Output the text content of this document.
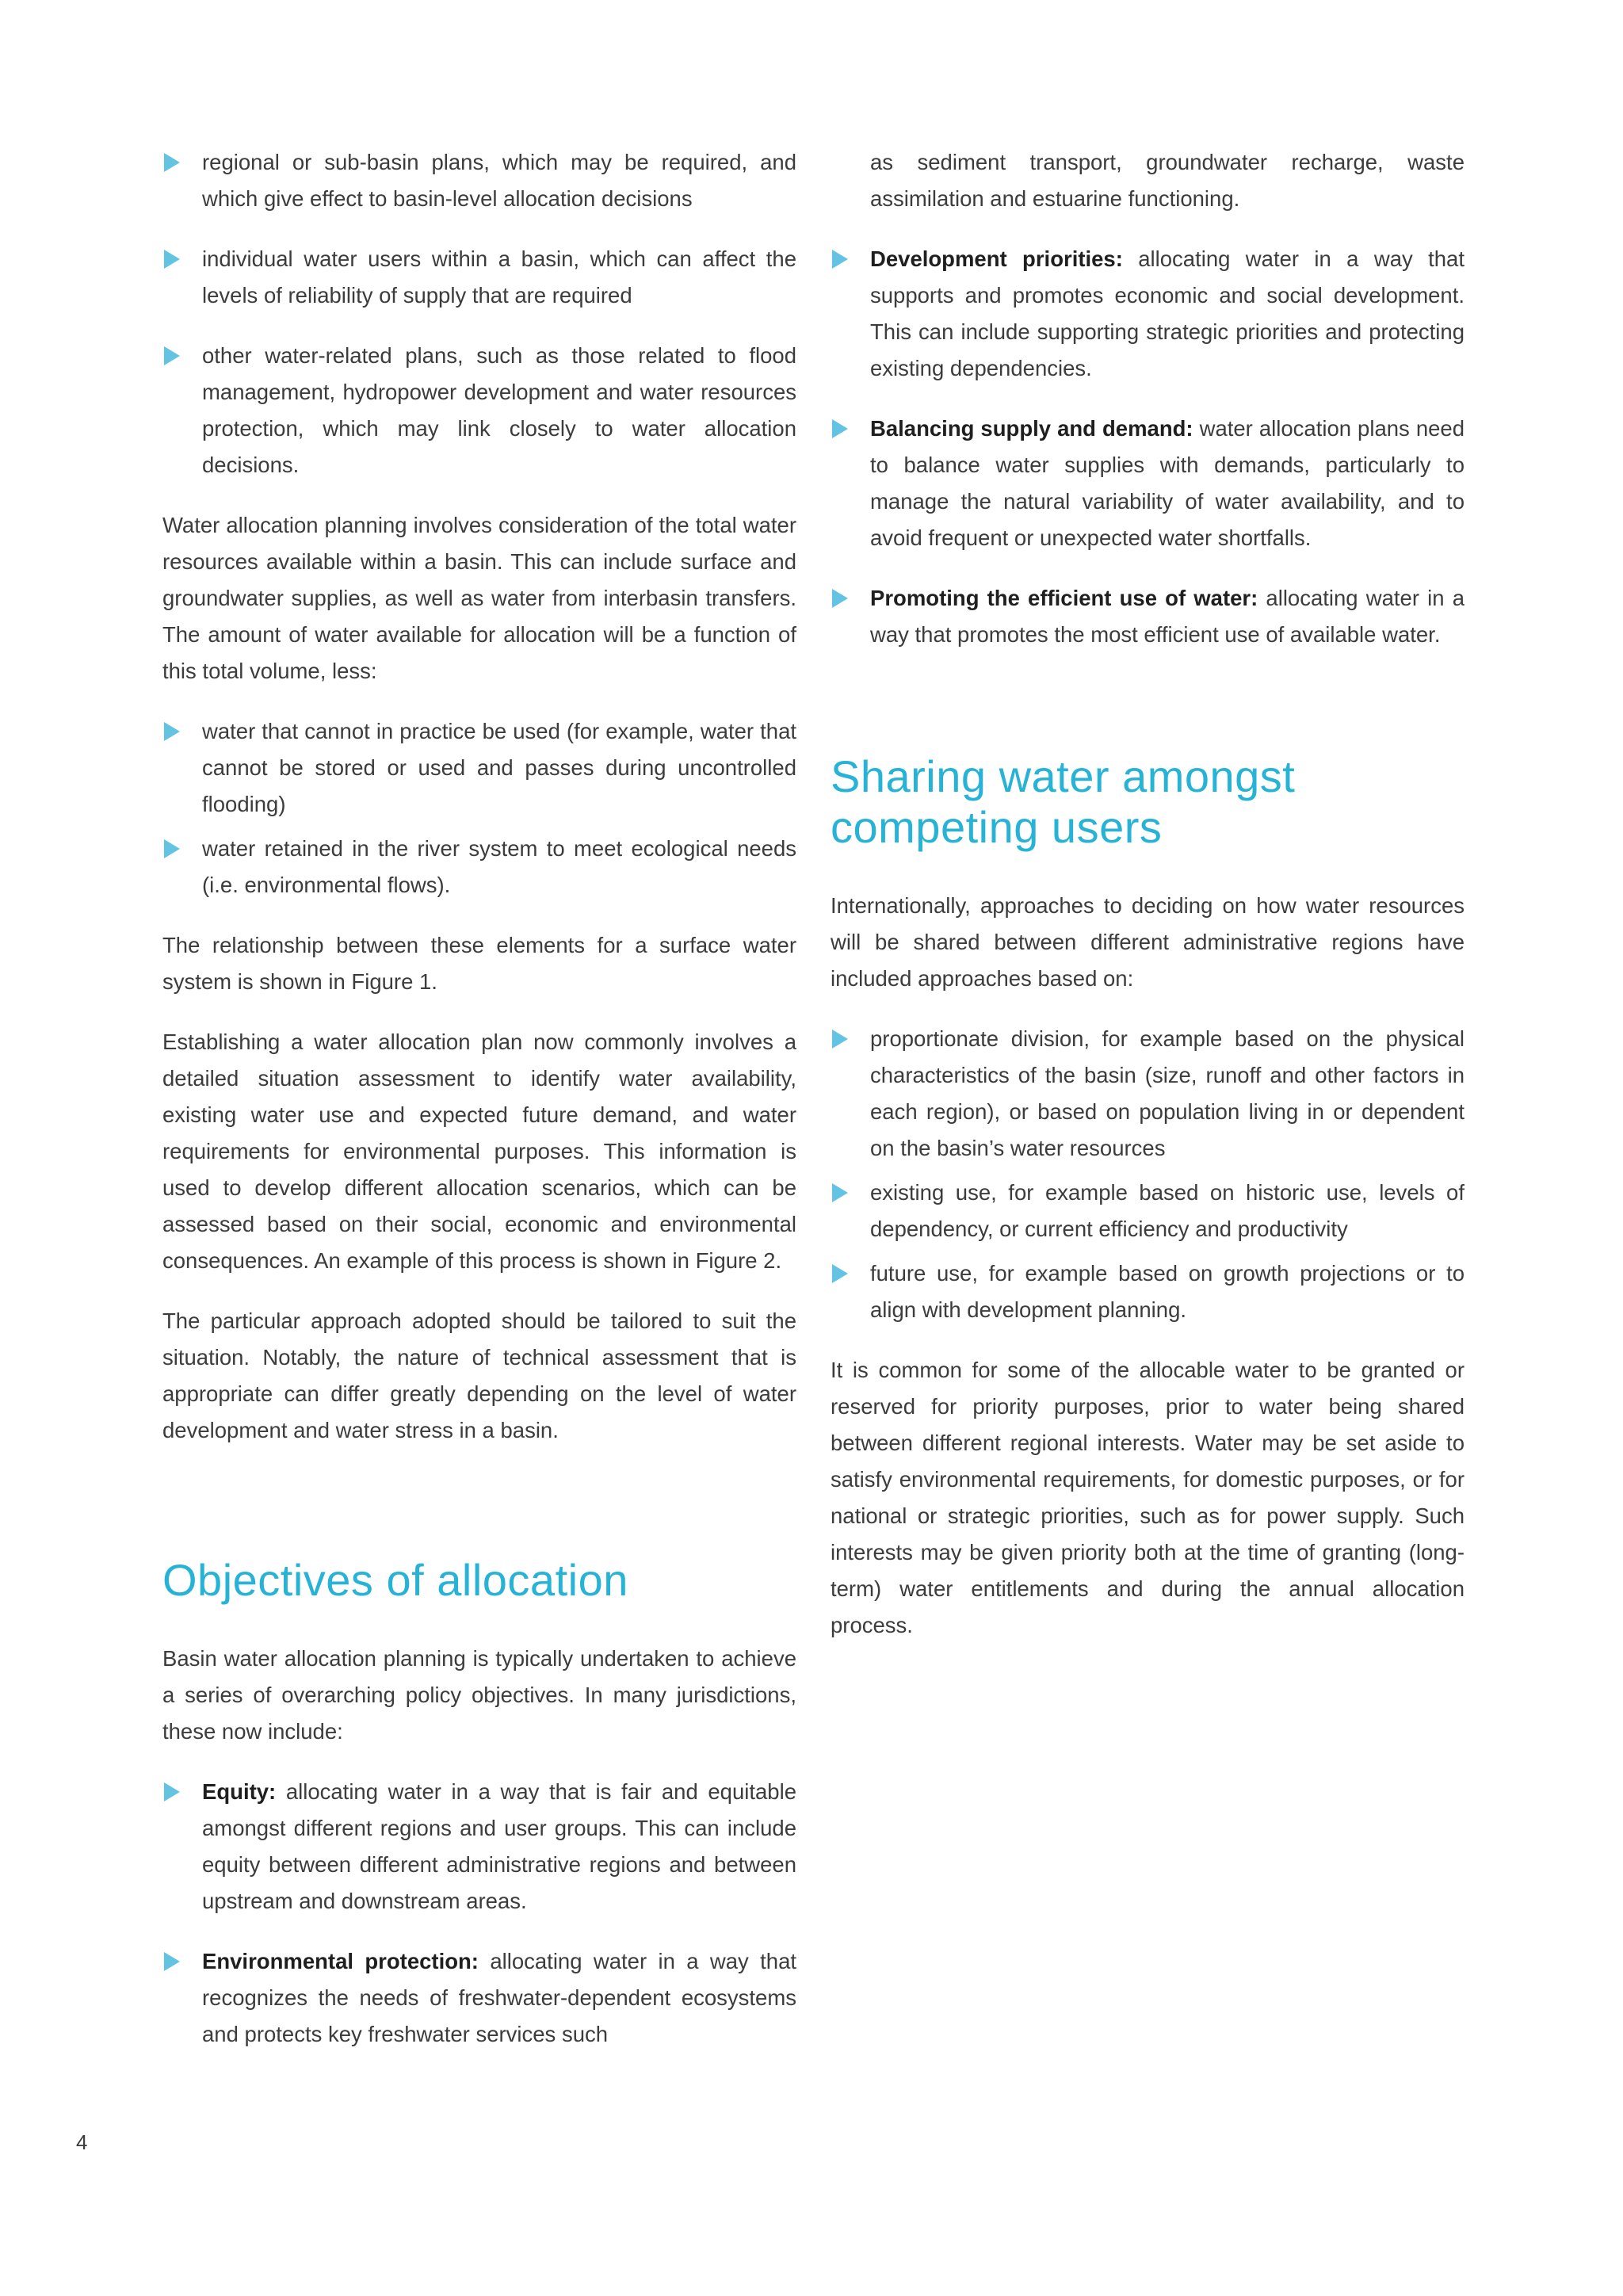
regional or sub-basin plans, which may be required, and which give effect to basin-level allocation decisions
individual water users within a basin, which can affect the levels of reliability of supply that are required
other water-related plans, such as those related to flood management, hydropower development and water resources protection, which may link closely to water allocation decisions.

Water allocation planning involves consideration of the total water resources available within a basin. This can include surface and groundwater supplies, as well as water from interbasin transfers. The amount of water available for allocation will be a function of this total volume, less:

water that cannot in practice be used (for example, water that cannot be stored or used and passes during uncontrolled flooding)
water retained in the river system to meet ecological needs (i.e. environmental flows).

The relationship between these elements for a surface water system is shown in Figure 1.

Establishing a water allocation plan now commonly involves a detailed situation assessment to identify water availability, existing water use and expected future demand, and water requirements for environmental purposes. This information is used to develop different allocation scenarios, which can be assessed based on their social, economic and environmental consequences. An example of this process is shown in Figure 2.

The particular approach adopted should be tailored to suit the situation. Notably, the nature of technical assessment that is appropriate can differ greatly depending on the level of water development and water stress in a basin.

Objectives of allocation

Basin water allocation planning is typically undertaken to achieve a series of overarching policy objectives. In many jurisdictions, these now include:

Equity: allocating water in a way that is fair and equitable amongst different regions and user groups. This can include equity between different administrative regions and between upstream and downstream areas.
Environmental protection: allocating water in a way that recognizes the needs of freshwater-dependent ecosystems and protects key freshwater services such

as sediment transport, groundwater recharge, waste assimilation and estuarine functioning.

Development priorities: allocating water in a way that supports and promotes economic and social development. This can include supporting strategic priorities and protecting existing dependencies.
Balancing supply and demand: water allocation plans need to balance water supplies with demands, particularly to manage the natural variability of water availability, and to avoid frequent or unexpected water shortfalls.
Promoting the efficient use of water: allocating water in a way that promotes the most efficient use of available water.
Sharing water amongst competing users

Internationally, approaches to deciding on how water resources will be shared between different administrative regions have included approaches based on:

proportionate division, for example based on the physical characteristics of the basin (size, runoff and other factors in each region), or based on population living in or dependent on the basin’s water resources
existing use, for example based on historic use, levels of dependency, or current efficiency and productivity
future use, for example based on growth projections or to align with development planning.

It is common for some of the allocable water to be granted or reserved for priority purposes, prior to water being shared between different regional interests. Water may be set aside to satisfy environmental requirements, for domestic purposes, or for national or strategic priorities, such as for power supply. Such interests may be given priority both at the time of granting (long-term) water entitlements and during the annual allocation process.

4
